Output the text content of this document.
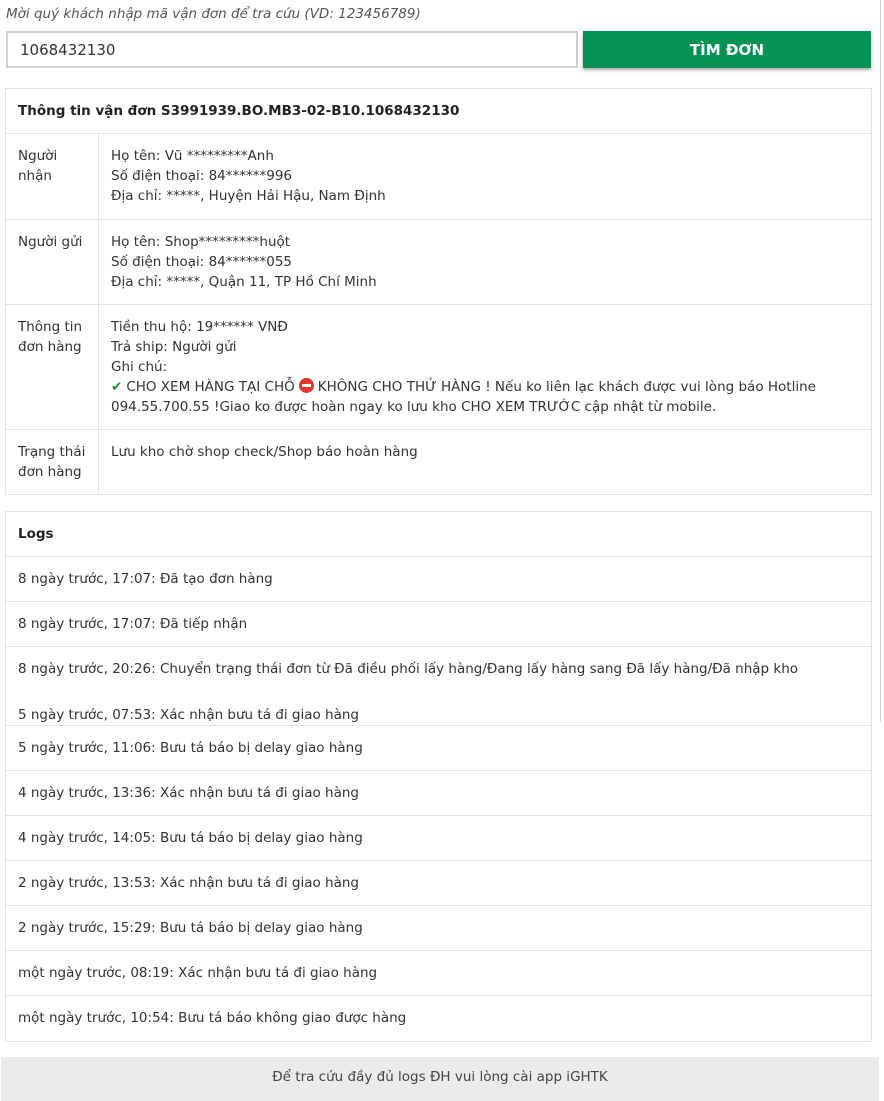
Mời quý khách nhập mã vận đơn để tra cứu (VD: 123456789)
1068432130
TÌM ĐƠN
Thông tin vận đơn S3991939.BO.MB3-02-B10.1068432130
Người nhận
Họ tên: Vũ *********Anh
Số điện thoại: 84******996
Địa chỉ: *****, Huyện Hải Hậu, Nam Định
Người gửi	Họ tên: Shop*********huột
Số điện thoại: 84******055
Địa chỉ: *****, Quận 11, TP Hồ Chí Minh
Thông tin đơn hàng
Tiền thu hộ: 19****** VNĐ
Trả ship: Người gửi
Ghi chú:
✔ CHO XEM HÀNG TẠI CHỖ KHÔNG CHO THỬ HÀNG ! Nếu ko liên lạc khách được vui lòng báo Hotline 094.55.700.55 !Giao ko được hoàn ngay ko lưu kho CHO XEM TRƯỚC cập nhật từ mobile.
Trạng thái đơn hàng
Lưu kho chờ shop check/Shop báo hoàn hàng
Logs
8 ngày trước, 17:07: Đã tạo đơn hàng
8 ngày trước, 17:07: Đã tiếp nhận
8 ngày trước, 20:26: Chuyển trạng thái đơn từ Đã điều phối lấy hàng/Đang lấy hàng sang Đã lấy hàng/Đã nhập kho
5 ngày trước, 07:53: Xác nhận bưu tá đi giao hàng
5 ngày trước, 11:06: Bưu tá báo bị delay giao hàng
4 ngày trước, 13:36: Xác nhận bưu tá đi giao hàng
4 ngày trước, 14:05: Bưu tá báo bị delay giao hàng
2 ngày trước, 13:53: Xác nhận bưu tá đi giao hàng
2 ngày trước, 15:29: Bưu tá báo bị delay giao hàng
một ngày trước, 08:19: Xác nhận bưu tá đi giao hàng
một ngày trước, 10:54: Bưu tá báo không giao được hàng
Để tra cứu đầy đủ logs ĐH vui lòng cài app iGHTK
